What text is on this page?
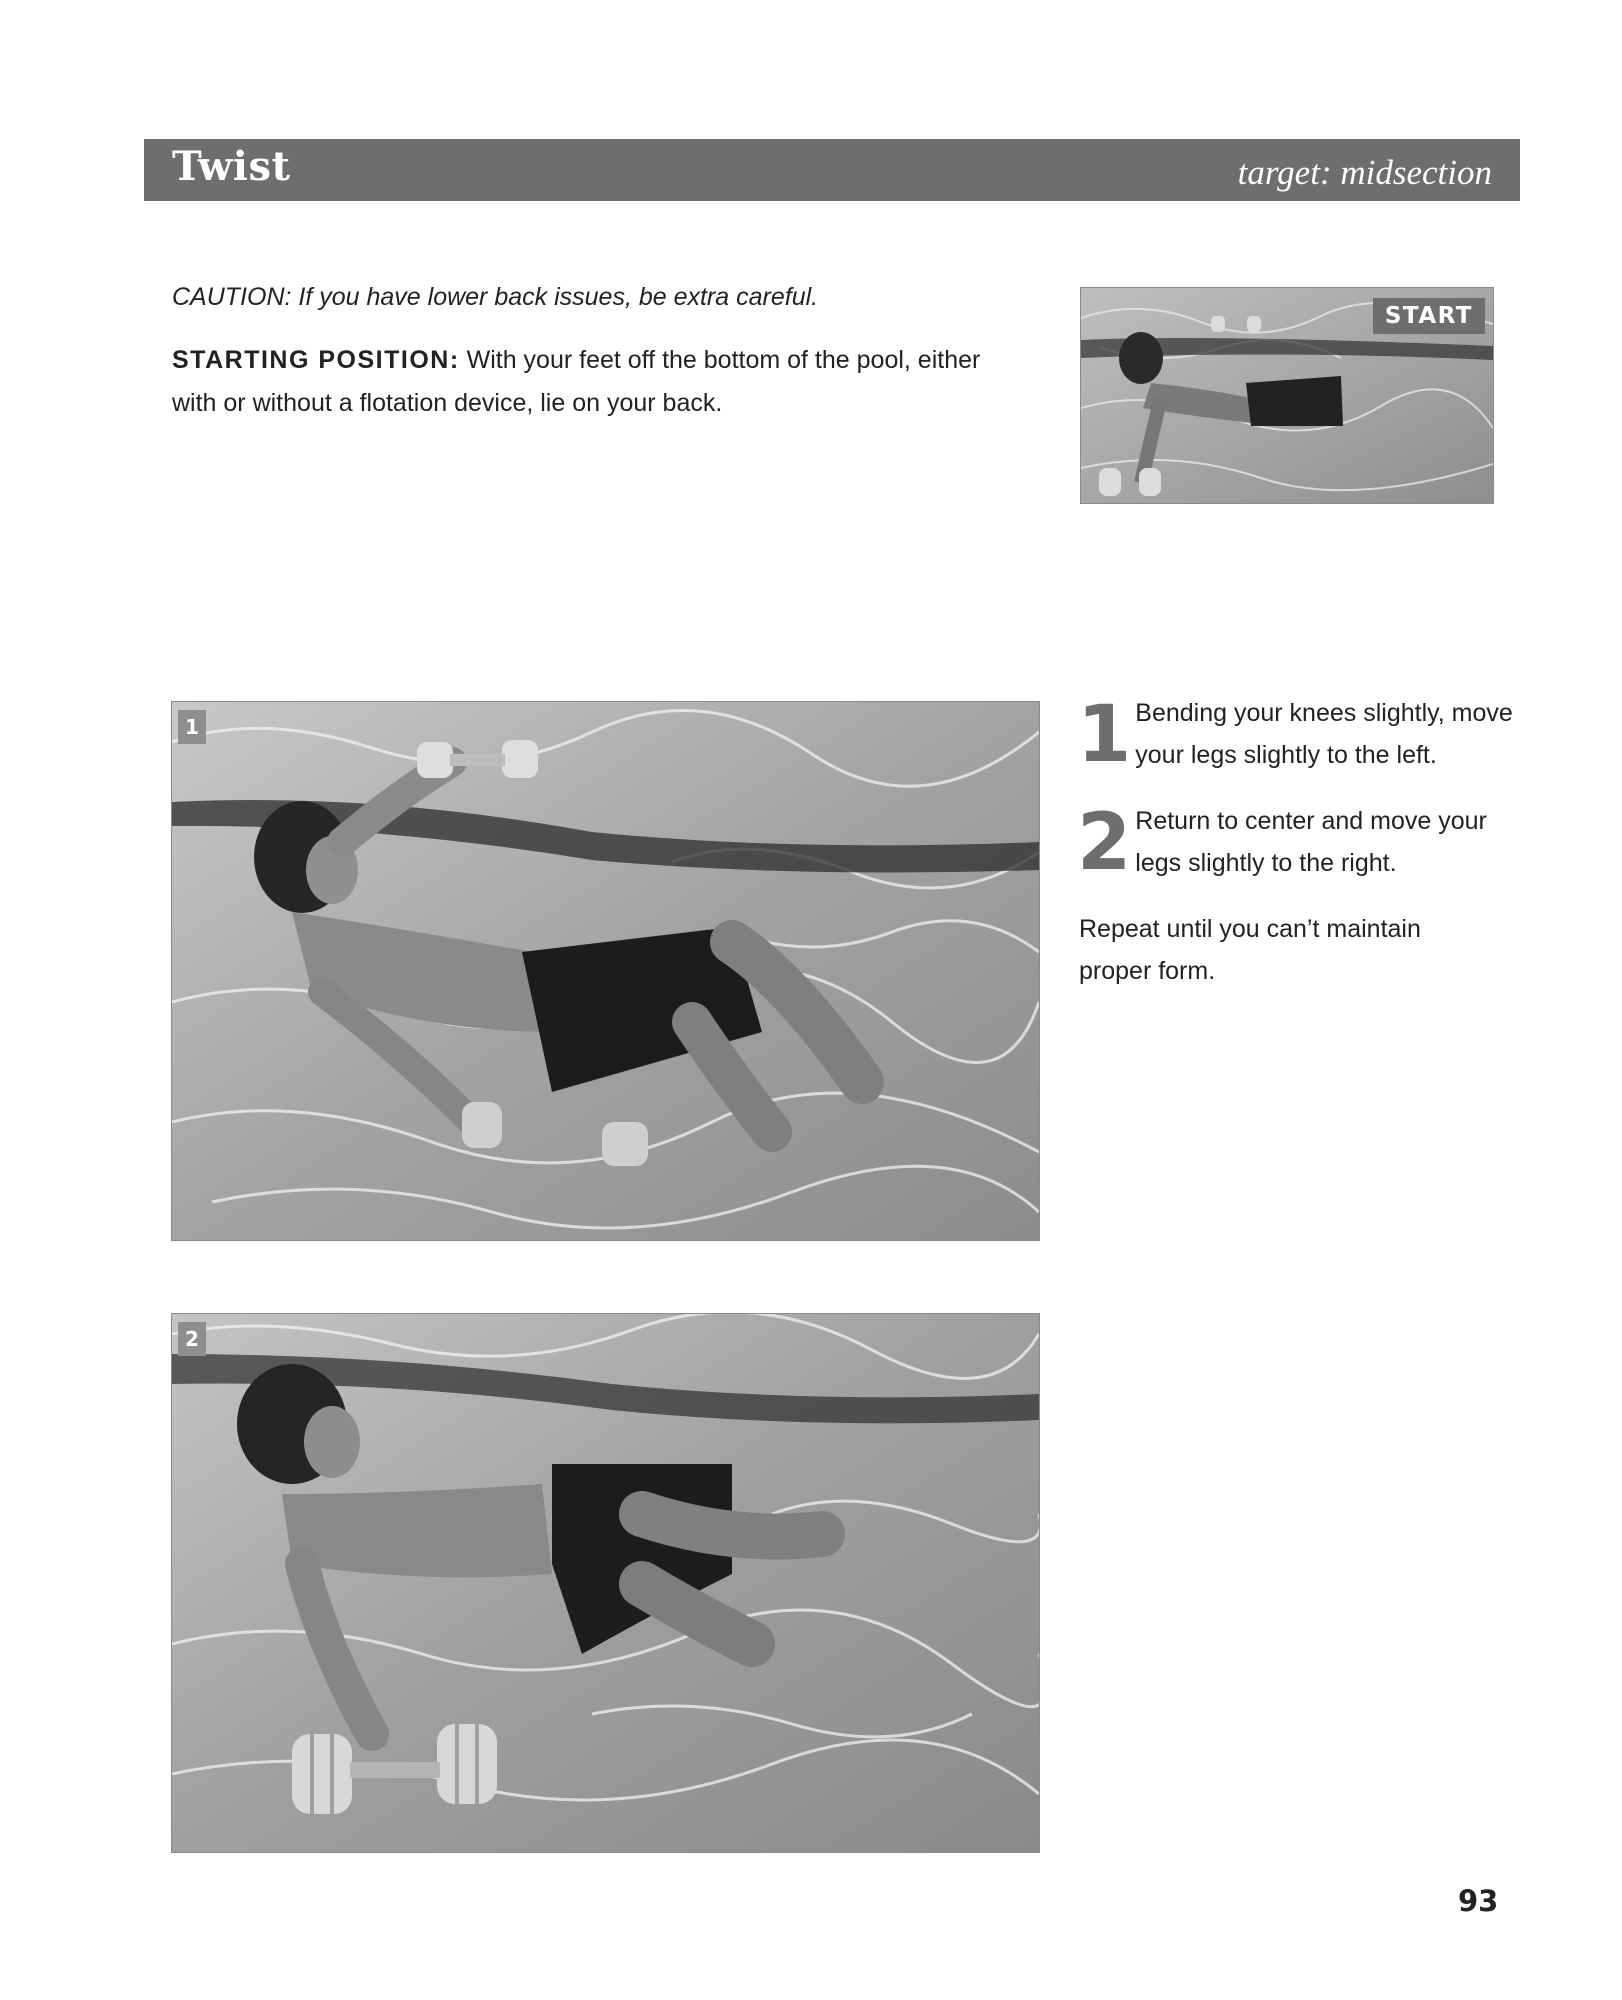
Twist	target: midsection
CAUTION: If you have lower back issues, be extra careful.
STARTING POSITION: With your feet off the bottom of the pool, either with or without a flotation device, lie on your back.
START
1
2
1 Bending your knees slightly, move your legs slightly to the left.
2 Return to center and move your legs slightly to the right.
Repeat until you can’t maintain proper form.
93
